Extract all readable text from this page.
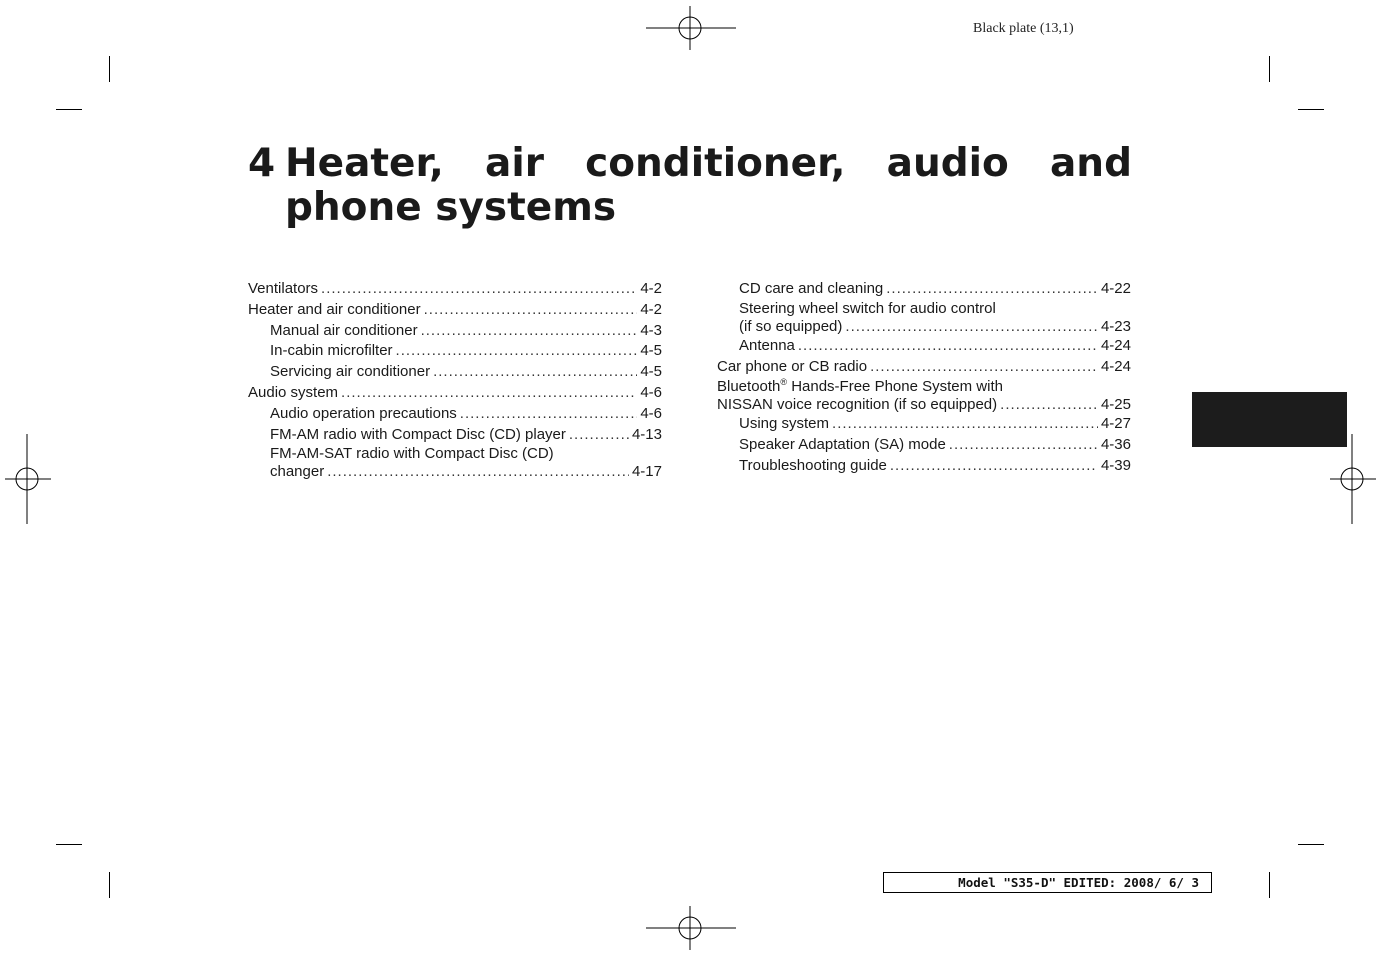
Black plate (13,1)
4 Heater, air conditioner, audio and phone systems
Ventilators .....	4-2
Heater and air conditioner .....	4-2
Manual air conditioner .....	4-3
In-cabin microfilter .....	4-5
Servicing air conditioner .....	4-5
Audio system .....	4-6
Audio operation precautions .....	4-6
FM-AM radio with Compact Disc (CD) player .....	4-13
FM-AM-SAT radio with Compact Disc (CD)
changer .....	4-17
CD care and cleaning .....	4-22
Steering wheel switch for audio control
(if so equipped) .....	4-23
Antenna .....	4-24
Car phone or CB radio .....	4-24
Bluetooth® Hands-Free Phone System with
NISSAN voice recognition (if so equipped) .....	4-25
Using system .....	4-27
Speaker Adaptation (SA) mode .....	4-36
Troubleshooting guide .....	4-39
Model "S35-D" EDITED: 2008/ 6/ 3
